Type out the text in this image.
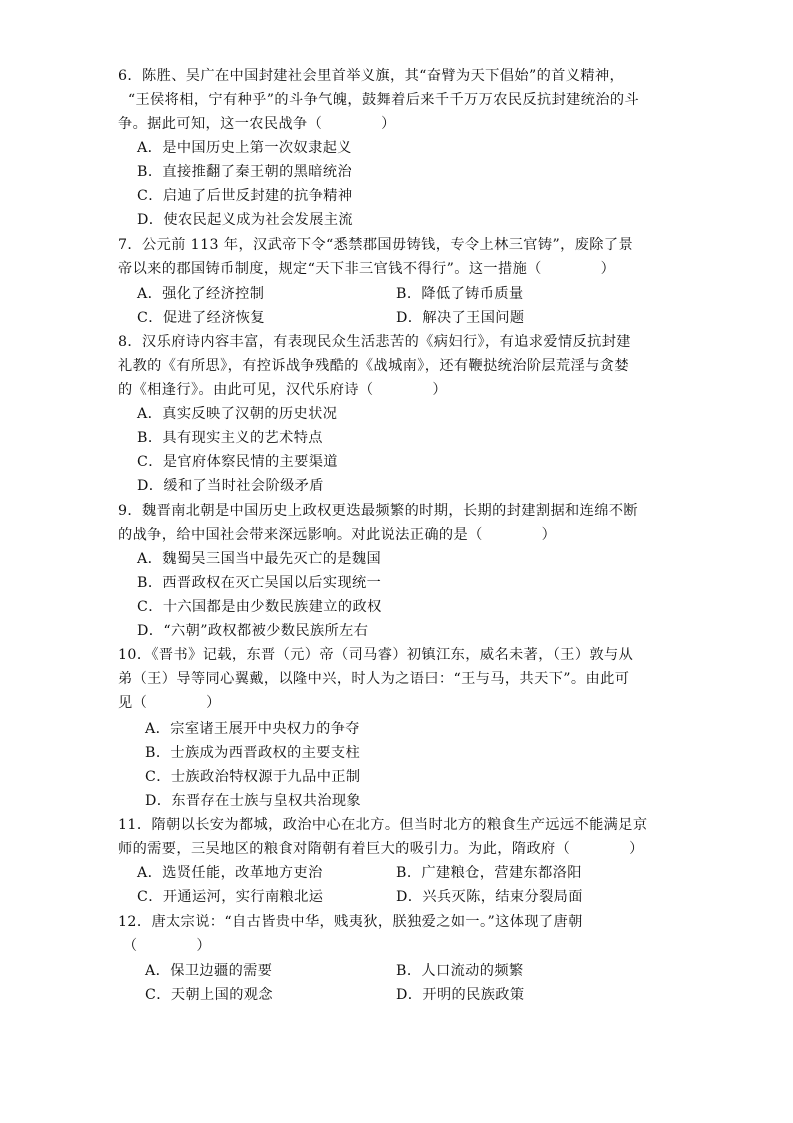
6．陈胜、吴广在中国封建社会里首举义旗，其“奋臂为天下倡始”的首义精神，
“王侯将相，宁有种乎”的斗争气魄，鼓舞着后来千千万万农民反抗封建统治的斗
争。据此可知，这一农民战争（            ）
A．是中国历史上第一次奴隶起义
B．直接推翻了秦王朝的黑暗统治
C．启迪了后世反封建的抗争精神
D．使农民起义成为社会发展主流
7．公元前 113 年，汉武帝下令“悉禁郡国毋铸钱，专令上林三官铸”，废除了景
帝以来的郡国铸币制度，规定“天下非三官钱不得行”。这一措施（            ）
A．强化了经济控制	B．降低了铸币质量
C．促进了经济恢复	D．解决了王国问题
8．汉乐府诗内容丰富，有表现民众生活悲苦的《病妇行》，有追求爱情反抗封建
礼教的《有所思》，有控诉战争残酷的《战城南》，还有鞭挞统治阶层荒淫与贪婪
的《相逢行》。由此可见，汉代乐府诗（            ）
A．真实反映了汉朝的历史状况
B．具有现实主义的艺术特点
C．是官府体察民情的主要渠道
D．缓和了当时社会阶级矛盾
9．魏晋南北朝是中国历史上政权更迭最频繁的时期，长期的封建割据和连绵不断
的战争，给中国社会带来深远影响。对此说法正确的是（            ）
A．魏蜀吴三国当中最先灭亡的是魏国
B．西晋政权在灭亡吴国以后实现统一
C．十六国都是由少数民族建立的政权
D．“六朝”政权都被少数民族所左右
10．《晋书》记载，东晋（元）帝（司马睿）初镇江东，威名未著，（王）敦与从
弟（王）导等同心翼戴，以隆中兴，时人为之语曰：“王与马，共天下”。由此可
见（            ）
A．宗室诸王展开中央权力的争夺
B．士族成为西晋政权的主要支柱
C．士族政治特权源于九品中正制
D．东晋存在士族与皇权共治现象
11．隋朝以长安为都城，政治中心在北方。但当时北方的粮食生产远远不能满足京
师的需要，三吴地区的粮食对隋朝有着巨大的吸引力。为此，隋政府（            ）
A．选贤任能，改革地方吏治	B．广建粮仓，营建东都洛阳
C．开通运河，实行南粮北运	D．兴兵灭陈，结束分裂局面
12．唐太宗说：“自古皆贵中华，贱夷狄，朕独爱之如一。”这体现了唐朝
（            ）
A．保卫边疆的需要	B．人口流动的频繁
C．天朝上国的观念	D．开明的民族政策
